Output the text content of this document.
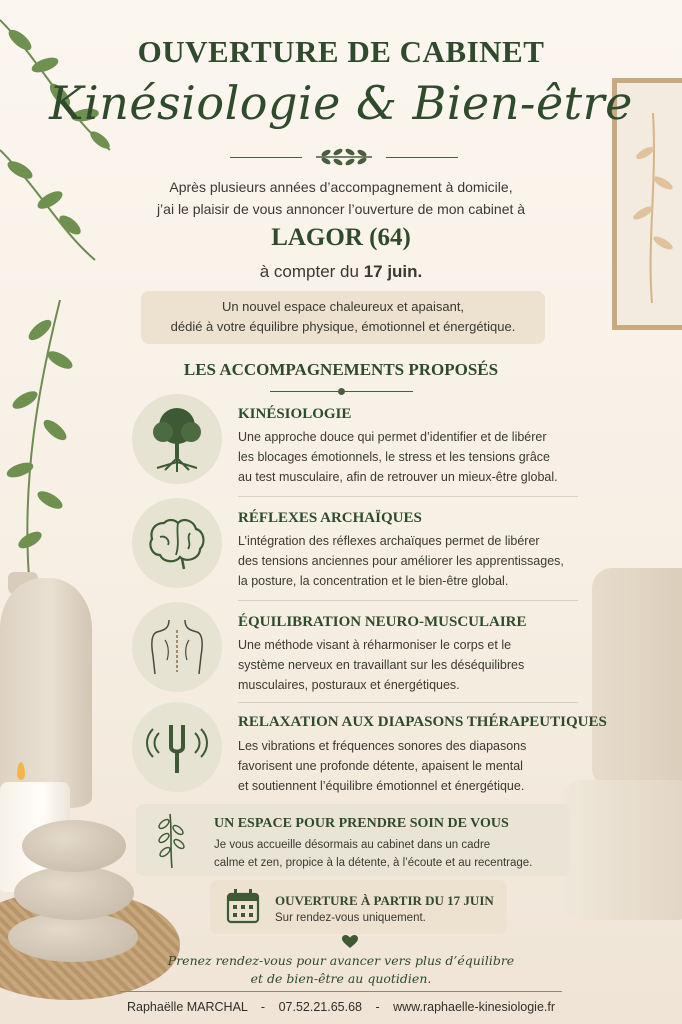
OUVERTURE DE CABINET
Kinésiologie & Bien-être
Après plusieurs années d’accompagnement à domicile,
j’ai le plaisir de vous annoncer l’ouverture de mon cabinet à
LAGOR (64)
à compter du 17 juin.
Un nouvel espace chaleureux et apaisant,
dédié à votre équilibre physique, émotionnel et énergétique.
LES ACCOMPAGNEMENTS PROPOSÉS
KINÉSIOLOGIE
Une approche douce qui permet d’identifier et de libérer
les blocages émotionnels, le stress et les tensions grâce
au test musculaire, afin de retrouver un mieux-être global.
RÉFLEXES ARCHAÏQUES
L’intégration des réflexes archaïques permet de libérer
des tensions anciennes pour améliorer les apprentissages,
la posture, la concentration et le bien-être global.
ÉQUILIBRATION NEURO-MUSCULAIRE
Une méthode visant à réharmoniser le corps et le
système nerveux en travaillant sur les déséquilibres
musculaires, posturaux et énergétiques.
RELAXATION AUX DIAPASONS THÉRAPEUTIQUES
Les vibrations et fréquences sonores des diapasons
favorisent une profonde détente, apaisent le mental
et soutiennent l’équilibre émotionnel et énergétique.
UN ESPACE POUR PRENDRE SOIN DE VOUS
Je vous accueille désormais au cabinet dans un cadre
calme et zen, propice à la détente, à l’écoute et au recentrage.
OUVERTURE À PARTIR DU 17 JUIN
Sur rendez-vous uniquement.
Prenez rendez-vous pour avancer vers plus d’équilibre
et de bien-être au quotidien.
Raphaëlle MARCHAL - 07.52.21.65.68 - www.raphaelle-kinesiologie.fr
